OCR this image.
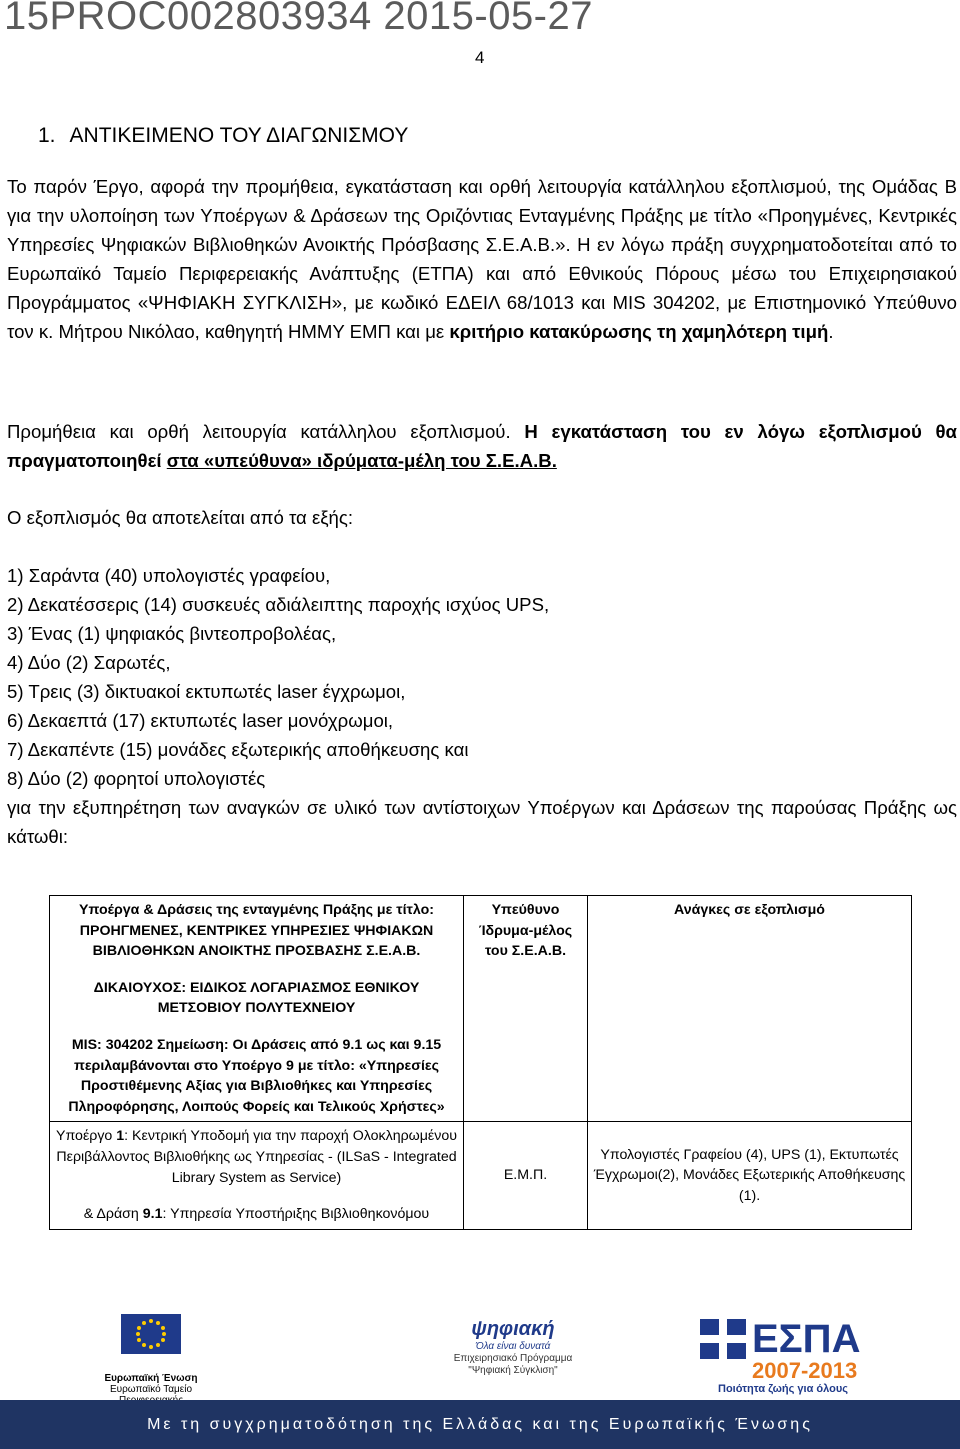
15PROC002803934 2015-05-27
4
1. ΑΝΤΙΚΕΙΜΕΝΟ ΤΟΥ ΔΙΑΓΩΝΙΣΜΟΥ
Το παρόν Έργο, αφορά την προμήθεια, εγκατάσταση και ορθή λειτουργία κατάλληλου εξοπλισμού, της Ομάδας Β για την υλοποίηση των Υποέργων & Δράσεων της Οριζόντιας Ενταγμένης Πράξης με τίτλο «Προηγμένες, Κεντρικές Υπηρεσίες Ψηφιακών Βιβλιοθηκών Ανοικτής Πρόσβασης Σ.Ε.Α.Β.». Η εν λόγω πράξη συγχρηματοδοτείται από το Ευρωπαϊκό Ταμείο Περιφερειακής Ανάπτυξης (ΕΤΠΑ) και από Εθνικούς Πόρους μέσω του Επιχειρησιακού Προγράμματος «ΨΗΦΙΑΚΗ ΣΥΓΚΛΙΣΗ», με κωδικό ΕΔΕΙΛ 68/1013 και MIS 304202, με Επιστημονικό Υπεύθυνο τον κ. Μήτρου Νικόλαο, καθηγητή ΗΜΜΥ ΕΜΠ και με κριτήριο κατακύρωσης τη χαμηλότερη τιμή.
Προμήθεια και ορθή λειτουργία κατάλληλου εξοπλισμού. Η εγκατάσταση του εν λόγω εξοπλισμού θα πραγματοποιηθεί στα «υπεύθυνα» ιδρύματα-μέλη του Σ.Ε.Α.Β.
Ο εξοπλισμός θα αποτελείται από τα εξής:
1) Σαράντα (40) υπολογιστές γραφείου,
2) Δεκατέσσερις (14) συσκευές αδιάλειπτης παροχής ισχύος UPS,
3) Ένας (1) ψηφιακός βιντεοπροβολέας,
4) Δύο (2) Σαρωτές,
5) Τρεις (3) δικτυακοί εκτυπωτές laser έγχρωμοι,
6) Δεκαεπτά (17) εκτυπωτές laser μονόχρωμοι,
7) Δεκαπέντε (15) μονάδες εξωτερικής αποθήκευσης και
8) Δύο (2) φορητοί υπολογιστές
για την εξυπηρέτηση των αναγκών σε υλικό των αντίστοιχων Υποέργων και Δράσεων της παρούσας Πράξης ως κάτωθι:
Υποέργα & Δράσεις της ενταγμένης Πράξης με τίτλο: ΠΡΟΗΓΜΕΝΕΣ, ΚΕΝΤΡΙΚΕΣ ΥΠΗΡΕΣΙΕΣ ΨΗΦΙΑΚΩΝ ΒΙΒΛΙΟΘΗΚΩΝ ΑΝΟΙΚΤΗΣ ΠΡΟΣΒΑΣΗΣ Σ.Ε.Α.Β.
ΔΙΚΑΙΟΥΧΟΣ: ΕΙΔΙΚΟΣ ΛΟΓΑΡΙΑΣΜΟΣ ΕΘΝΙΚΟΥ ΜΕΤΣΟΒΙΟΥ ΠΟΛΥΤΕΧΝΕΙΟΥ
MIS: 304202 Σημείωση: Οι Δράσεις από 9.1 ως και 9.15 περιλαμβάνονται στο Υποέργο 9 με τίτλο: «Υπηρεσίες Προστιθέμενης Αξίας για Βιβλιοθήκες και Υπηρεσίες Πληροφόρησης, Λοιπούς Φορείς και Τελικούς Χρήστες»	Υπεύθυνο Ίδρυμα-μέλος του Σ.Ε.Α.Β.	Ανάγκες σε εξοπλισμό

Υποέργο 1: Κεντρική Υποδομή για την παροχή Ολοκληρωμένου Περιβάλλοντος Βιβλιοθήκης ως Υπηρεσίας - (ILSaS - Integrated Library System as Service)
& Δράση 9.1: Υπηρεσία Υποστήριξης Βιβλιοθηκονόμου	Ε.Μ.Π.	Υπολογιστές Γραφείου (4), UPS (1), Εκτυπωτές Έγχρωμοι(2), Μονάδες Εξωτερικής Αποθήκευσης (1).
Ευρωπαϊκή Ένωση
Ευρωπαϊκό Ταμείο
ψηφιακή
Όλα είναι δυνατά
Επιχειρησιακό Πρόγραμμα
"Ψηφιακή Σύγκλιση"
ΕΣΠΑ
2007-2013
Ποιότητα ζωής για όλους
Με τη συγχρηματοδότηση της Ελλάδας και της Ευρωπαϊκής Ένωσης
